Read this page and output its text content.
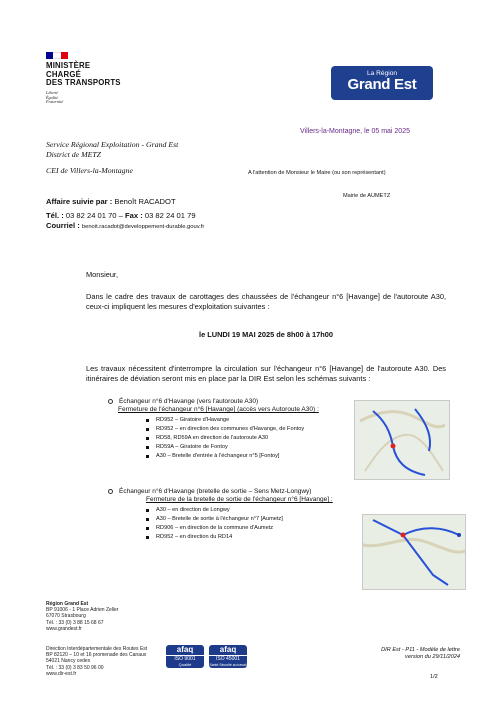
MINISTÈRE
CHARGÉ
DES TRANSPORTS
Liberté
Égalité
Fraternité
La Région
Grand Est
Villers-la-Montagne, le 05 mai 2025
Service Régional Exploitation - Grand Est
District de METZ
CEI de Villers-la-Montagne	A l'attention de Monsieur le Maire (ou son représentant)
Mairie de AUMETZ
Affaire suivie par : Benoît RACADOT
Tél. : 03 82 24 01 70 – Fax : 03 82 24 01 79
Courriel : benoit.racadot@developpement-durable.gouv.fr
Monsieur,
Dans le cadre des travaux de carottages des chaussées de l'échangeur n°6 [Havange] de l'autoroute A30, ceux-ci impliquent les mesures d'exploitation suivantes :
le LUNDI 19 MAI 2025 de 8h00 à 17h00
Les travaux nécessitent d'interrompre la circulation sur l'échangeur n°6 [Havange] de l'autoroute A30. Des itinéraires de déviation seront mis en place par la DIR Est selon les schémas suivants :
Échangeur n°6 d'Havange (vers l'autoroute A30)
Fermeture de l'échangeur n°6 [Havange] (accès vers Autoroute A30) :
RD952 – Giratoire d'Havange
RD952 – en direction des communes d'Havange, de Fontoy
RD58, RD59A en direction de l'autoroute A30
RD59A – Giratoire de Fontoy
A30 – Bretelle d'entrée à l'échangeur n°5 [Fontoy]
Échangeur n°6 d'Havange (bretelle de sortie – Sens Metz-Longwy)
Fermeture de la bretelle de sortie de l'échangeur n°6 [Havange] :
A30 – en direction de Longwy
A30 – Bretelle de sortie à l'échangeur n°7 [Aumetz]
RD906 – en direction de la commune d'Aumetz
RD952 – en direction du RD14
Région Grand Est
BP 91006 - 1 Place Adrien Zeller
67070 Strasbourg
Tél. : 33 (0) 3 88 15 68 67
www.grandest.fr
Direction Interdépartementale des Routes Est
BP 82120 – 10 et 16 promenade des Canaux
54021 Nancy cedex
Tél. : 33 (0) 3 83 50 96 00
www.dir-est.fr
afaq
ISO 9001
Qualité
afaq
ISO 45001
Santé Sécurité au travail
DIR Est - P11 - Modèle de lettre
version du 29/11/2024
1/2
